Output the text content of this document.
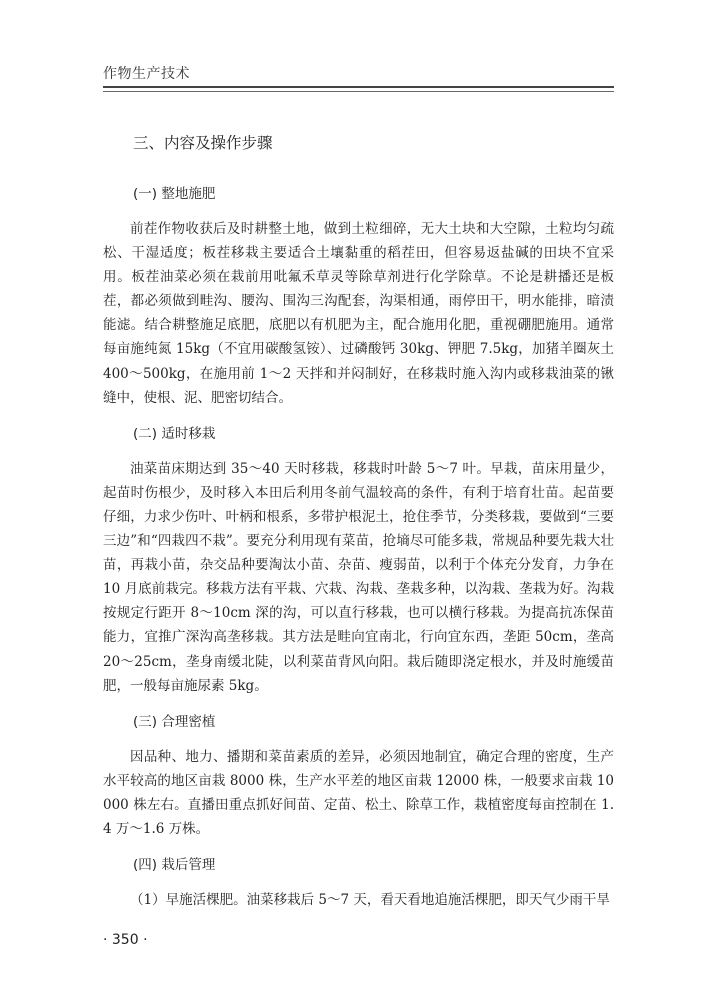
作物生产技术
三、内容及操作步骤
(一) 整地施肥

前茬作物收获后及时耕整土地，做到土粒细碎，无大土块和大空隙，土粒均匀疏松、干湿适度；板茬移栽主要适合土壤黏重的稻茬田，但容易返盐碱的田块不宜采用。板茬油菜必须在栽前用吡氟禾草灵等除草剂进行化学除草。不论是耕播还是板茬，都必须做到畦沟、腰沟、围沟三沟配套，沟渠相通，雨停田干，明水能排，暗渍能滤。结合耕整施足底肥，底肥以有机肥为主，配合施用化肥，重视硼肥施用。通常每亩施纯氮 15kg（不宜用碳酸氢铵）、过磷酸钙 30kg、钾肥 7.5kg，加猪羊圈灰土 400～500kg，在施用前 1～2 天拌和并闷制好，在移栽时施入沟内或移栽油菜的锹缝中，使根、泥、肥密切结合。

(二) 适时移栽

油菜苗床期达到 35～40 天时移栽，移栽时叶龄 5～7 叶。早栽，苗床用量少，起苗时伤根少，及时移入本田后利用冬前气温较高的条件，有利于培育壮苗。起苗要仔细，力求少伤叶、叶柄和根系，多带护根泥土，抢住季节，分类移栽，要做到“三要三边”和“四栽四不栽”。要充分利用现有菜苗，抢墒尽可能多栽，常规品种要先栽大壮苗，再栽小苗，杂交品种要淘汰小苗、杂苗、瘦弱苗，以利于个体充分发育，力争在 10 月底前栽完。移栽方法有平栽、穴栽、沟栽、垄栽多种，以沟栽、垄栽为好。沟栽按规定行距开 8～10cm 深的沟，可以直行移栽，也可以横行移栽。为提高抗冻保苗能力，宜推广深沟高垄移栽。其方法是畦向宜南北，行向宜东西，垄距 50cm，垄高 20～25cm，垄身南缓北陡，以利菜苗背风向阳。栽后随即浇定根水，并及时施缓苗肥，一般每亩施尿素 5kg。

(三) 合理密植

因品种、地力、播期和菜苗素质的差异，必须因地制宜，确定合理的密度，生产水平较高的地区亩栽 8000 株，生产水平差的地区亩栽 12000 株，一般要求亩栽 10000 株左右。直播田重点抓好间苗、定苗、松土、除草工作，栽植密度每亩控制在 1.4 万～1.6 万株。

(四) 栽后管理

（1）早施活棵肥。油菜移栽后 5～7 天，看天看地追施活棵肥，即天气少雨干旱

· 350 ·
